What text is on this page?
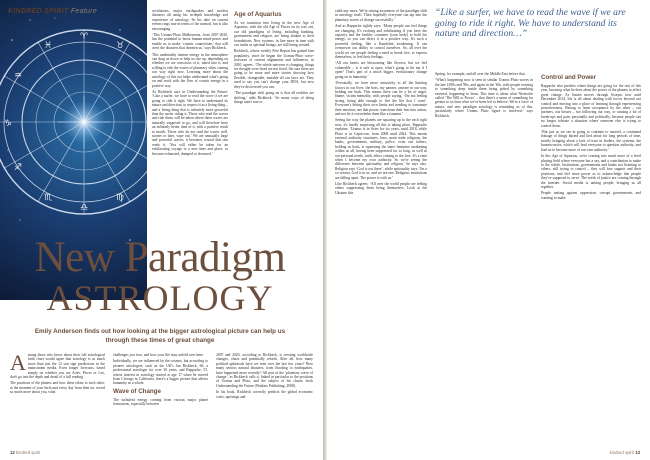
♈
♉
♍
♎
♏
♐
♑
♒
♓
KINDRED SPIRIT Feature	revolutions, major earthquakes and nuclear disasters all using his in-depth knowledge and experience of astrology. So his take on current events rings true in terms of the turmoil, but is also encouraging.

‘This Uranus-Pluto Midheavens, from 2007-2020, has the potential to boost human mind-power and enable us to make ‘cosmic connections’ that will avert the disasters that threaten us,’ says Rickbeck.

This undeniably intense energy in the atmosphere can drag us down or help us rise up, depending on whether we are conscious of it, tuned into it, and willing to ride the waves of planetary vibes coming our way right now. Learning more about the astrology of this era helps understand what's going on and work with the flow of cosmic energy in a positive way.

As Rickbeck says in Understanding the Future: ‘Like a surfer, we have to read the wave if we are going to ride it right. We have to understand its nature and direction, to respect it as a living thing – and a living thing that is infinitely more powerful than the surfer riding it. Those who read the waves and ride them, will be taken where these waves are naturally supposed to go, and will therefore have an infinitely better time of it, with a positive result to match. Those who do not read the waves well, sooner or later, wipe out.’ We are unusually large and powerful waves; it becomes crucial that one reads it. ‘You will either be taken for an exhilarating voyage to a new time and place, or become exhausted, dumped or drowned.’

Age of Aquarius

As we transition into living in the new Age of Aquarius, with the old Age of Pisces on its way out, our old paradigms of living, including banking, government and religion, are being shaken to their foundations. New systems, in line more in tune with our truths as spiritual beings, are still being created.

Rickbeck, whose weekly Pete Report has gained him popularity, since he began the Uranus-Pluto wave-forecasts of current alignments and influences, in 2010, agrees. ‘The whole universe is changing, things we thought were fixed are not fixed. I'm sure there are going to be more and more stories showing how flexible, changeable, mutable all our laws are. They used to say you can't change your DNA, but now they've discovered you can.

‘The paradigm shift going on is that all realities are shifting,’ adds Rickbeck. ‘So many ways of doing things aren't true or

New Paradigm
ASTROLOGY
Emily Anderson finds out how looking at the bigger astrological picture can help us through these times of great change
A mong those who know about their full astrological birth chart would agree that astrology is so much more than just the 12 sun sign predictions in the mainstream media. Even longer forecasts, based simply on whether you are Aries, Pisces or Leo, don't go into the depth and detail of a full reading.

The positions of the planets and how these relate to each other, at the moment of your birth and every day from then on, reveal so much more about you, what

challenges you face, and how your life may unfold over time.

Individually, we are influenced by the cosmos, but according to pioneer astrologers, such as the UK's Jan Rickbeck, 66, a professional astrologer for over 30 years, and Rappache, 55, whose interest in astrology started at age 17 when he moved from Chicago to California, there's a bigger picture that affects humanity as a whole.

Wave of Change

The turbulent energy coming from various major planet formations, especially between

2007 and 2020, according to Rickbeck, is creating worldwide changes, chaos and potentially rebirth. After all, how many political upheavals have we seen over the last few years? How many serious natural disasters, from flooding to earthquakes, have happened more recently? All part of the ‘planetary wave of change’, as Rickbeck calls it, linked in particular to the positions of Uranus and Pluto, and the subject of his classic book Understanding the Future (Watkins Publishing, 2008).

In his book, Rickbeck correctly predicts the global economic crisis, uprisings and

12 kindred spirit

valid any more. We're raising awareness of the paradigm shift in astrology itself. Their hopefully everyone can tap into the planetary waves of change successfully.’

And as Rappache rightly says: ‘Many people can feel things are changing. It's exciting and exhilarating if you have the capacity and the healthy container (your body) to hold the energy, so you can direct it in a positive way. It's such a powerful feeling, like a Kundalini awakening. It can overpower our ability to control ourselves. So, all over the world we see people feeling a need to break free, to express themselves, to feel their feelings.

‘All our hearts are blossoming like flowers, but we feel vulnerable – is it safe to open, what's going to hit me if I open? That's part of a much bigger, evolutionary change going on in humanity.’

‘Personally, we have more sensitivity to all the limiting factors in our lives: the boss, my partner, anyone in our way, holding me back. This means there can be a lot of anger, blame, victim mentality, with people saying, ‘I'm not feeling strong, being able enough to live the life that I want’. Everyone's letting their own limits and needing to transmute their emotion; use that power; transform their fear into action, and not let it overwhelm them like a tsunami.’

Seeing the way the planets are squaring up to the each right now, it's hardly surprising all this is taking place, Rappache explains: ‘Uranus is in Aries for six years, until 2018, while Pluto is in Capricorn, from 2008 until 2024. This means external authority structures, laws, main trade religions, the banks, governments, military, police, even our fathers, holding us back, is squeezing the inner feminine awakening within us all, having been suppressed for so long, as well as our personal needs, truth, ethics coming to the fore. It's a time when I become my own authority. So we're seeing the difference between spirituality and religion,’ he says also. Religion says ‘God is out there’, while spirituality says ‘I'm a co-creator, God is in us, and we are one. Religious institutions are falling apart. The power is with us.’

Like Rickbeck agrees: ‘All over the world people are feeling others suppressing them being themselves. Look at the Ukraine this

“Like a surfer, we have to read the wave if we are going to ride it right. We have to understand its nature and direction…”

Spring, for example, and all over the Middle East before that.

‘What's happening now is seen in similar Uranus Pluto waves in the late 1850s and '80s, and again in the '60s, with people reacting to something deep inside them being poked by something external, happening to them. This time is about what Nietzsche called ‘The Will to Power’ – that there's a sense of something far greater to us than what we've been led to believe. We're a force of nature, and new paradigm astrology is reminding us of this, particularly where Uranus Pluto figure is involved,’ says Rickbeck.

Control and Power

Rappache also predicts where things are going for the rest of this year, knowing what he does about the power of the planets to affect great change. As Saturn moves through Scorpio now until December 2014, life is all about dealing with forces beyond our control and moving into a place of learning through experiencing powerlessness. Having to learn acceptance by the other – our partners, our bosses – not following our way, or causing a lot of break-ups and pain, personally and politically, because people can no longer tolerate a situation where someone else is trying to control them.

‘But just as we see in going to continue to unravel, a continued leakage of things buried and lied about for long periods of time, mostly bringing about a lack of trust in leaders, the systems, the bureaucracies, which will lead everyone to question authority, and lead us to become more of our own authority.’

In this Age of Aquarius, we're coming into much more of a level playing field where everyone has a say, and a contribution to make to the whole. Institutions, governments and banks not listening to others, still trying to control – they will lose support and their positions, and feel more power as to acknowledge that people they've supposed to serve. The seeds of justice are coming through the internet. Social media is uniting people, bringing us all together.

People uniting against oppression, corrupt governments, and wanting to make

kindred spirit 13
